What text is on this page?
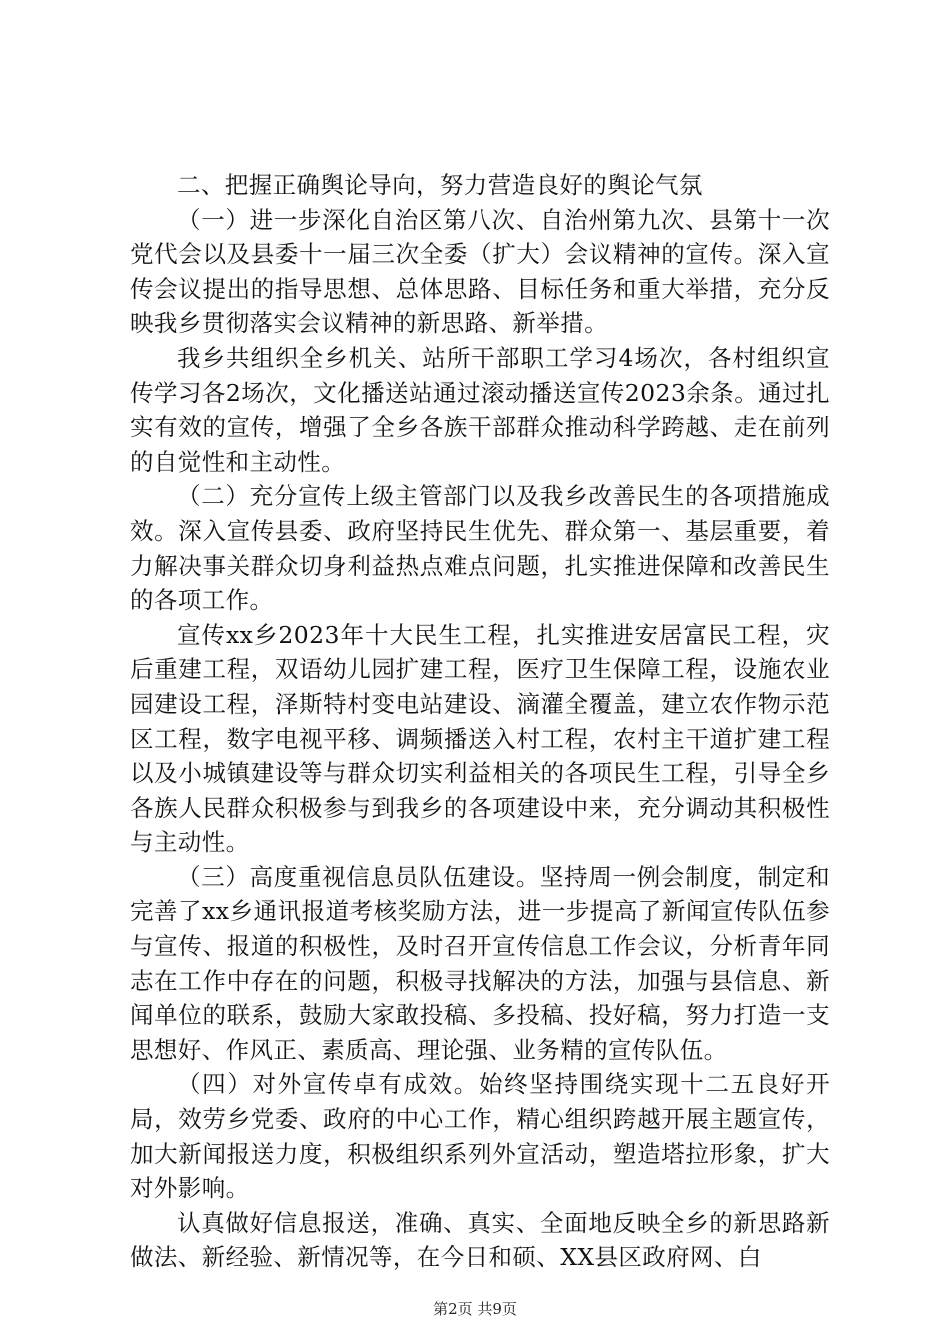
二、把握正确舆论导向，努力营造良好的舆论气氛

（一）进一步深化自治区第八次、自治州第九次、县第十一次党代会以及县委十一届三次全委（扩大）会议精神的宣传。深入宣传会议提出的指导思想、总体思路、目标任务和重大举措，充分反映我乡贯彻落实会议精神的新思路、新举措。

我乡共组织全乡机关、站所干部职工学习4场次，各村组织宣传学习各2场次，文化播送站通过滚动播送宣传2023余条。通过扎实有效的宣传，增强了全乡各族干部群众推动科学跨越、走在前列的自觉性和主动性。

（二）充分宣传上级主管部门以及我乡改善民生的各项措施成效。深入宣传县委、政府坚持民生优先、群众第一、基层重要，着力解决事关群众切身利益热点难点问题，扎实推进保障和改善民生的各项工作。

宣传xx乡2023年十大民生工程，扎实推进安居富民工程，灾后重建工程，双语幼儿园扩建工程，医疗卫生保障工程，设施农业园建设工程，泽斯特村变电站建设、滴灌全覆盖，建立农作物示范区工程，数字电视平移、调频播送入村工程，农村主干道扩建工程以及小城镇建设等与群众切实利益相关的各项民生工程，引导全乡各族人民群众积极参与到我乡的各项建设中来，充分调动其积极性与主动性。

（三）高度重视信息员队伍建设。坚持周一例会制度，制定和完善了xx乡通讯报道考核奖励方法，进一步提高了新闻宣传队伍参与宣传、报道的积极性，及时召开宣传信息工作会议，分析青年同志在工作中存在的问题，积极寻找解决的方法，加强与县信息、新闻单位的联系，鼓励大家敢投稿、多投稿、投好稿，努力打造一支思想好、作风正、素质高、理论强、业务精的宣传队伍。

（四）对外宣传卓有成效。始终坚持围绕实现十二五良好开局，效劳乡党委、政府的中心工作，精心组织跨越开展主题宣传，加大新闻报送力度，积极组织系列外宣活动，塑造塔拉形象，扩大对外影响。

认真做好信息报送，准确、真实、全面地反映全乡的新思路新做法、新经验、新情况等，在今日和硕、XX县区政府网、白

第2页 共9页
